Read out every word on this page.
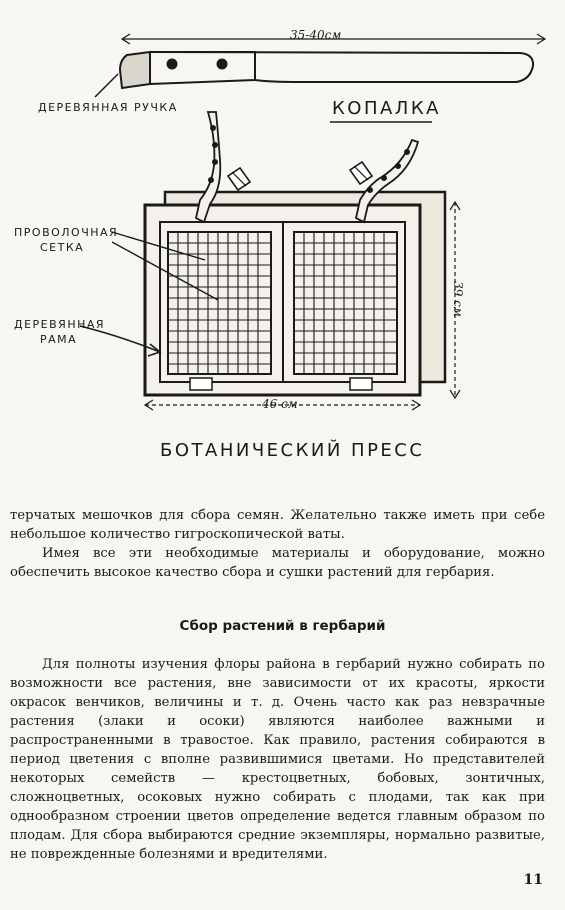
35-40см
ДЕРЕВЯННАЯ РУЧКА	КОПАЛКА
ПРОВОЛОЧНАЯ
СЕТКА
ДЕРЕВЯННАЯ
РАМА
39 см
46 см
БОТАНИЧЕСКИЙ ПРЕСС

терчатых мешочков для сбора семян. Желательно также иметь при себе небольшое количество гигроскопической ваты.

Имея все эти необходимые материалы и оборудование, можно обеспечить высокое качество сбора и сушки растений для гербария.

Сбор растений в гербарий

Для полноты изучения флоры района в гербарий нужно собирать по возможности все растения, вне зависимости от их красоты, яркости окрасок венчиков, величины и т. д. Очень часто как раз невзрачные растения (злаки и осоки) являются наиболее важными и распространенными в травостое. Как правило, растения собираются в период цветения с вполне развившимися цветами. Но представителей некоторых семейств — крестоцветных, бобовых, зонтичных, сложноцветных, осоковых нужно собирать с плодами, так как при однообразном строении цветов определение ведется главным образом по плодам. Для сбора выбираются средние экземпляры, нормально развитые, не поврежденные болезнями и вредителями.

11
